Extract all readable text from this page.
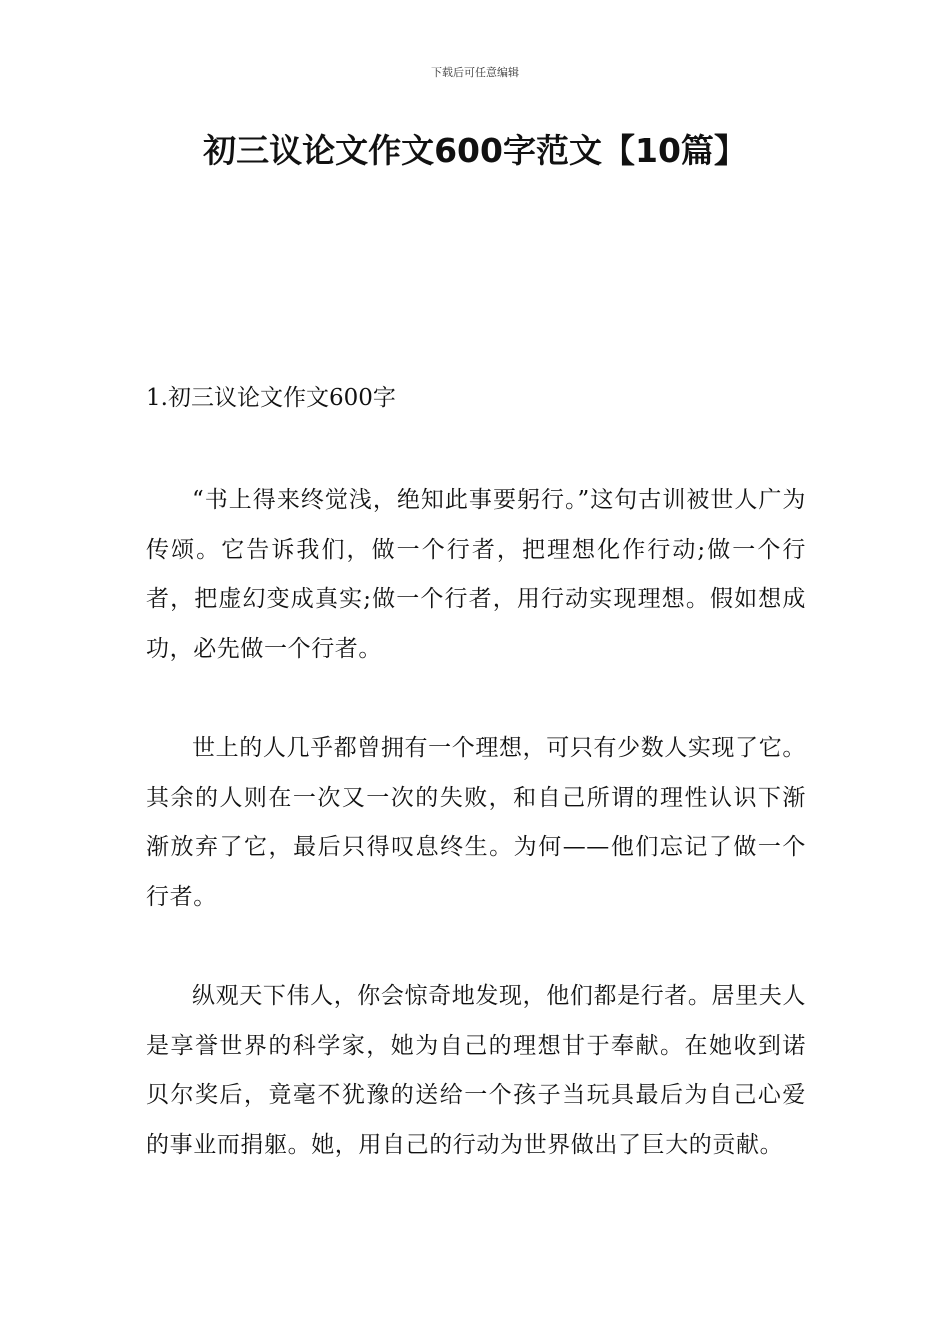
下载后可任意编辑
初三议论文作文600字范文【10篇】
1.初三议论文作文600字

“书上得来终觉浅，绝知此事要躬行。”这句古训被世人广为传颂。它告诉我们，做一个行者，把理想化作行动;做一个行者，把虚幻变成真实;做一个行者，用行动实现理想。假如想成功，必先做一个行者。

世上的人几乎都曾拥有一个理想，可只有少数人实现了它。其余的人则在一次又一次的失败，和自己所谓的理性认识下渐渐放弃了它，最后只得叹息终生。为何——他们忘记了做一个行者。

纵观天下伟人，你会惊奇地发现，他们都是行者。居里夫人是享誉世界的科学家，她为自己的理想甘于奉献。在她收到诺贝尔奖后，竟毫不犹豫的送给一个孩子当玩具最后为自己心爱的事业而捐躯。她，用自己的行动为世界做出了巨大的贡献。
